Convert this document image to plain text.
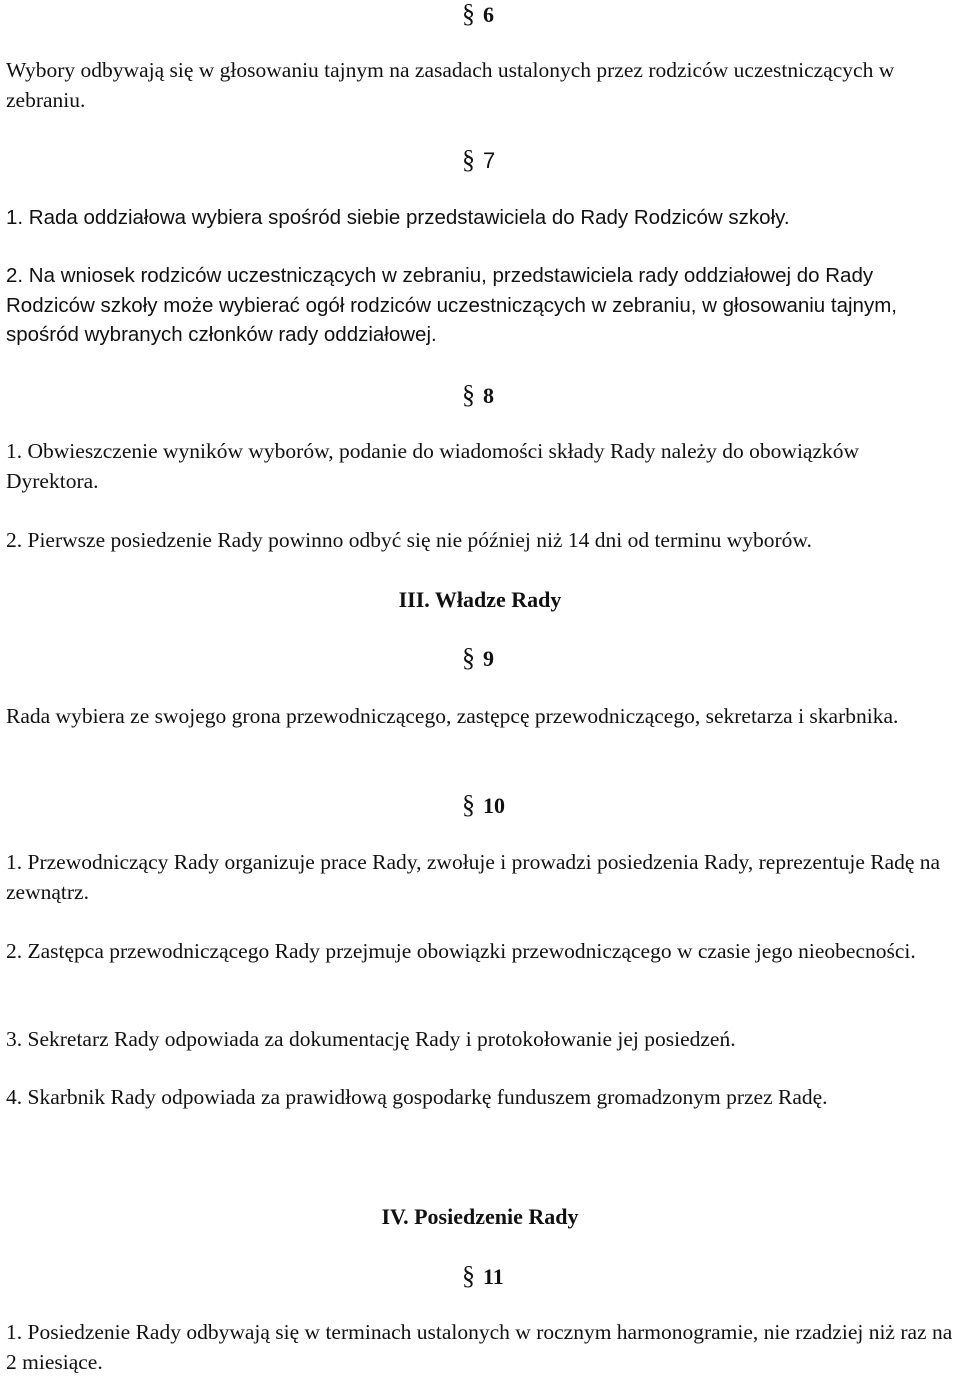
§ 6

Wybory odbywają się w głosowaniu tajnym na zasadach ustalonych przez rodziców uczestniczących w zebraniu.

§ 7

1. Rada oddziałowa wybiera spośród siebie przedstawiciela do Rady Rodziców szkoły.

2. Na wniosek rodziców uczestniczących w zebraniu, przedstawiciela rady oddziałowej do Rady Rodziców szkoły może wybierać ogół rodziców uczestniczących w zebraniu, w głosowaniu tajnym, spośród wybranych członków rady oddziałowej.

§ 8

1. Obwieszczenie wyników wyborów, podanie do wiadomości składy Rady należy do obowiązków Dyrektora.

2. Pierwsze posiedzenie Rady powinno odbyć się nie później niż 14 dni od terminu wyborów.

III. Władze Rady

§ 9

Rada wybiera ze swojego grona przewodniczącego, zastępcę przewodniczącego, sekretarza i skarbnika.

§ 10

1. Przewodniczący Rady organizuje prace Rady, zwołuje i prowadzi posiedzenia Rady, reprezentuje Radę na zewnątrz.

2. Zastępca przewodniczącego Rady przejmuje obowiązki przewodniczącego w czasie jego nieobecności.

3. Sekretarz Rady odpowiada za dokumentację Rady i protokołowanie jej posiedzeń.

4. Skarbnik Rady odpowiada za prawidłową gospodarkę funduszem gromadzonym przez Radę.

IV. Posiedzenie Rady

§ 11

1. Posiedzenie Rady odbywają się w terminach ustalonych w rocznym harmonogramie, nie rzadziej niż raz na 2 miesiące.
